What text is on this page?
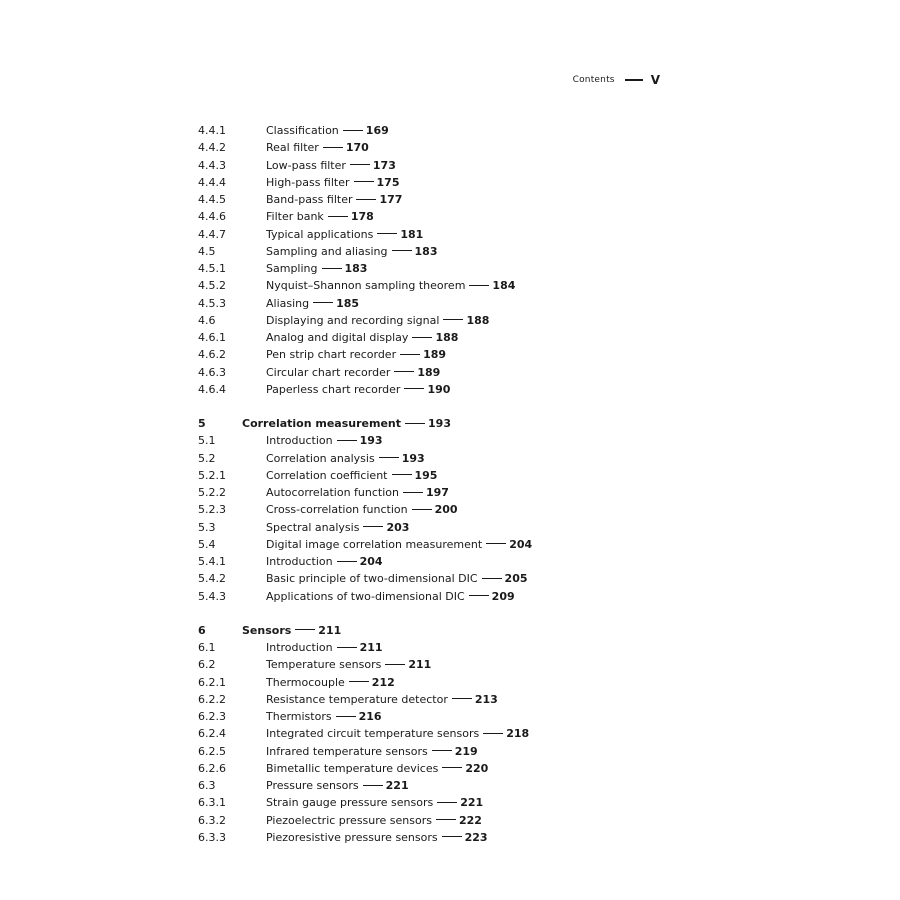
Contents	V
4.4.1	Classification 169
4.4.2	Real filter 170
4.4.3	Low-pass filter 173
4.4.4	High-pass filter 175
4.4.5	Band-pass filter 177
4.4.6	Filter bank 178
4.4.7	Typical applications 181
4.5	Sampling and aliasing 183
4.5.1	Sampling 183
4.5.2	Nyquist–Shannon sampling theorem 184
4.5.3	Aliasing 185
4.6	Displaying and recording signal 188
4.6.1	Analog and digital display 188
4.6.2	Pen strip chart recorder 189
4.6.3	Circular chart recorder 189
4.6.4	Paperless chart recorder 190
5	Correlation measurement 193
5.1	Introduction 193
5.2	Correlation analysis 193
5.2.1	Correlation coefficient 195
5.2.2	Autocorrelation function 197
5.2.3	Cross-correlation function 200
5.3	Spectral analysis 203
5.4	Digital image correlation measurement 204
5.4.1	Introduction 204
5.4.2	Basic principle of two-dimensional DIC 205
5.4.3	Applications of two-dimensional DIC 209
6	Sensors 211
6.1	Introduction 211
6.2	Temperature sensors 211
6.2.1	Thermocouple 212
6.2.2	Resistance temperature detector 213
6.2.3	Thermistors 216
6.2.4	Integrated circuit temperature sensors 218
6.2.5	Infrared temperature sensors 219
6.2.6	Bimetallic temperature devices 220
6.3	Pressure sensors 221
6.3.1	Strain gauge pressure sensors 221
6.3.2	Piezoelectric pressure sensors 222
6.3.3	Piezoresistive pressure sensors 223
